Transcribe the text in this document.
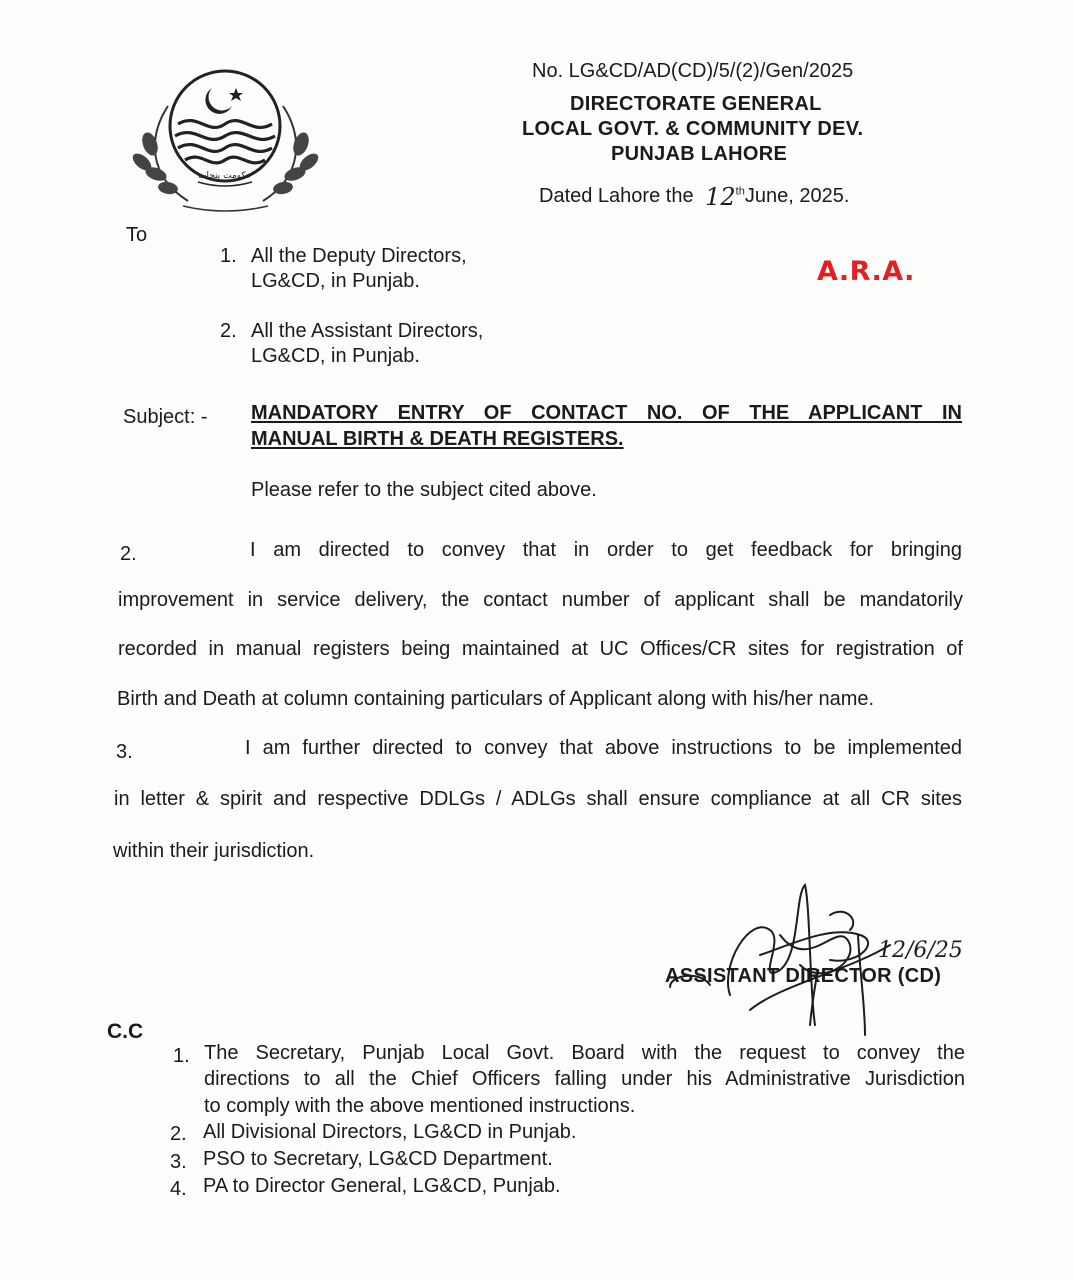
حکومت پنجاب
No. LG&CD/AD(CD)/5/(2)/Gen/2025
DIRECTORATE GENERAL
LOCAL GOVT. & COMMUNITY DEV.
PUNJAB LAHORE
Dated Lahore the 12thJune, 2025.
To
1. All the Deputy Directors,
LG&CD, in Punjab.	A.R.A.
2. All the Assistant Directors,
LG&CD, in Punjab.
Subject: - MANDATORY ENTRY OF CONTACT NO. OF THE APPLICANT IN
MANUAL BIRTH & DEATH REGISTERS.
Please refer to the subject cited above.
2.	I am directed to convey that in order to get feedback for bringing
improvement in service delivery, the contact number of applicant shall be mandatorily
recorded in manual registers being maintained at UC Offices/CR sites for registration of
Birth and Death at column containing particulars of Applicant along with his/her name.
3.	I am further directed to convey that above instructions to be implemented
in letter & spirit and respective DDLGs / ADLGs shall ensure compliance at all CR sites
within their jurisdiction.
12/6/25
ASSISTANT DIRECTOR (CD)
C.C
1. The Secretary, Punjab Local Govt. Board with the request to convey the
directions to all the Chief Officers falling under his Administrative Jurisdiction
to comply with the above mentioned instructions.
2. All Divisional Directors, LG&CD in Punjab.
3. PSO to Secretary, LG&CD Department.
4. PA to Director General, LG&CD, Punjab.
